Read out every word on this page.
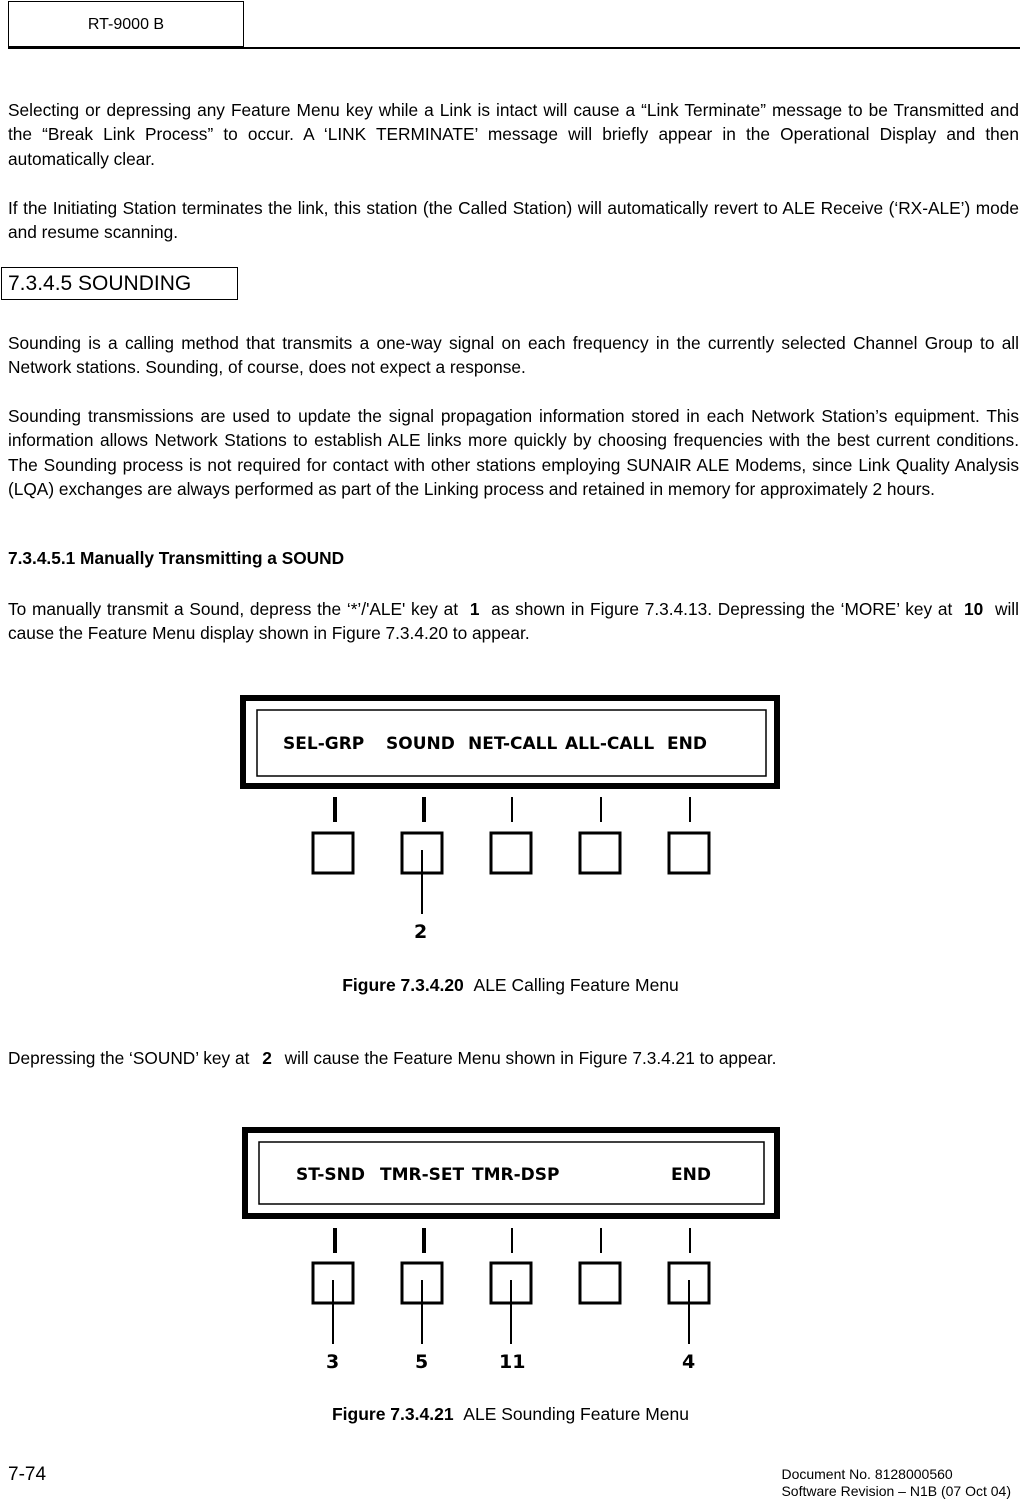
RT-9000 B

Selecting or depressing any Feature Menu key while a Link is intact will cause a “Link Terminate” message to be Transmitted and the “Break Link Process” to occur. A ‘LINK TERMINATE’ message will briefly appear in the Operational Display and then automatically clear.

If the Initiating Station terminates the link, this station (the Called Station) will automatically revert to ALE Receive (‘RX-ALE’) mode and resume scanning.

7.3.4.5 SOUNDING

Sounding is a calling method that transmits a one-way signal on each frequency in the currently selected Channel Group to all Network stations. Sounding, of course, does not expect a response.

Sounding transmissions are used to update the signal propagation information stored in each Network Station’s equipment. This information allows Network Stations to establish ALE links more quickly by choosing frequencies with the best current conditions. The Sounding process is not required for contact with other stations employing SUNAIR ALE Modems, since Link Quality Analysis (LQA) exchanges are always performed as part of the Linking process and retained in memory for approximately 2 hours.

7.3.4.5.1 Manually Transmitting a SOUND

To manually transmit a Sound, depress the ‘*’/'ALE' key at 1 as shown in Figure 7.3.4.13. Depressing the ‘MORE’ key at 10 will cause the Feature Menu display shown in Figure 7.3.4.20 to appear.

SEL-GRP SOUND NET-CALL ALL-CALL END
2

Figure 7.3.4.20 ALE Calling Feature Menu

Depressing the ‘SOUND’ key at 2 will cause the Feature Menu shown in Figure 7.3.4.21 to appear.

ST-SND TMR-SET TMR-DSP	END
3	5	11	4

Figure 7.3.4.21 ALE Sounding Feature Menu

7-74	Document No. 8128000560
Software Revision – N1B (07 Oct 04)
